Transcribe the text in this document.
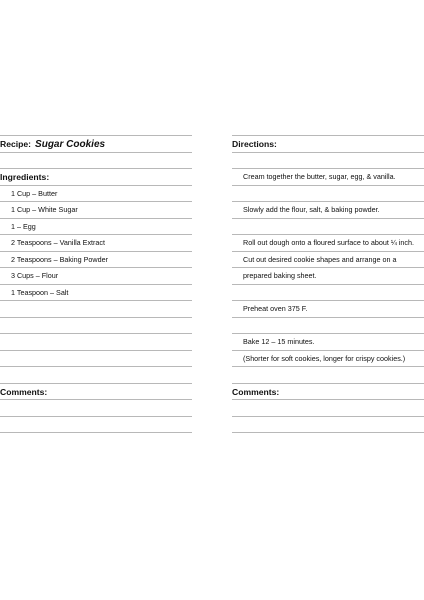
Recipe: Sugar Cookies
Ingredients:
1 Cup – Butter
1 Cup – White Sugar
1 – Egg
2 Teaspoons – Vanilla Extract
2 Teaspoons – Baking Powder
3 Cups – Flour
1 Teaspoon – Salt
Comments:
Directions:
Cream together the butter, sugar, egg, & vanilla.
Slowly add the flour, salt, & baking powder.
Roll out dough onto a floured surface to about ¼ inch.
Cut out desired cookie shapes and arrange on a
prepared baking sheet.
Preheat oven 375 F.
Bake 12 – 15 minutes.
(Shorter for soft cookies, longer for crispy cookies.)
Comments:
